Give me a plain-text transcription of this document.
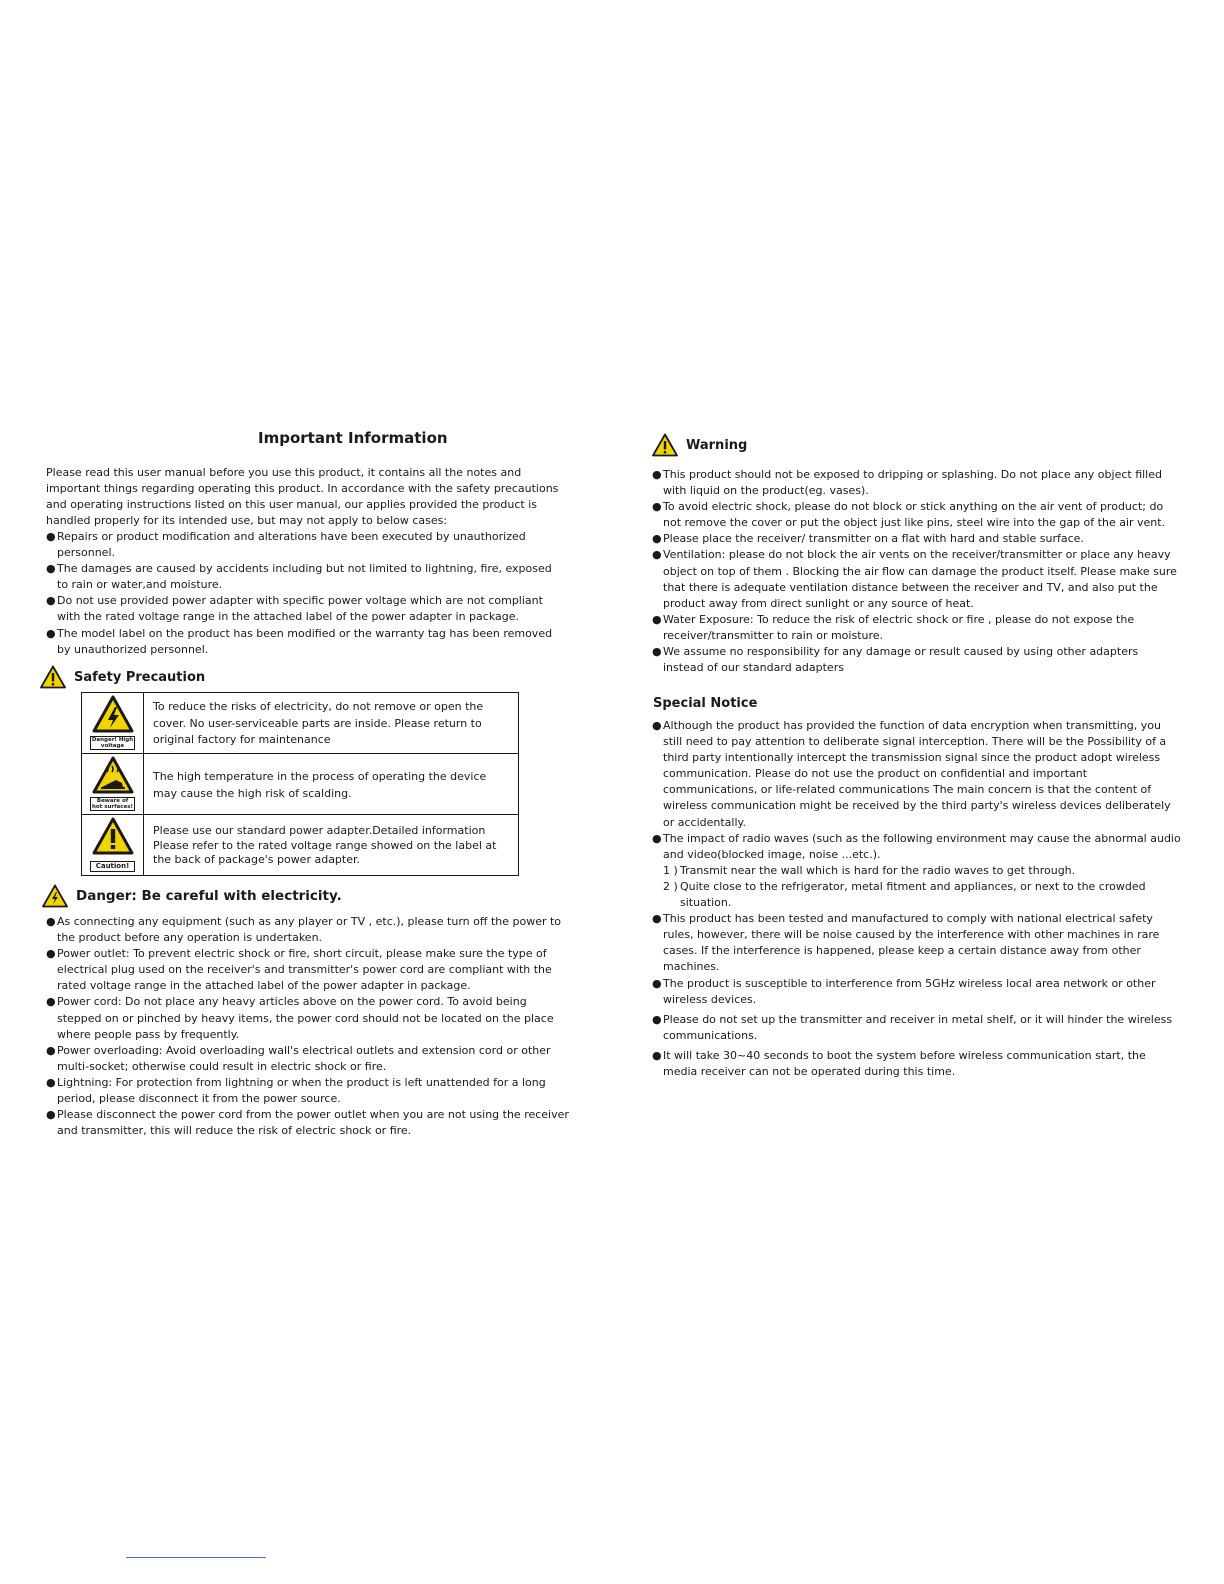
Important Information

Please read this user manual before you use this product, it contains all the notes and important things regarding operating this product. In accordance with the safety precautions and operating instructions listed on this user manual, our applies provided the product is handled properly for its intended use, but may not apply to below cases:

● Repairs or product modification and alterations have been executed by unauthorized personnel.
● The damages are caused by accidents including but not limited to lightning, fire, exposed to rain or water,and moisture.
● Do not use provided power adapter with specific power voltage which are not compliant with the rated voltage range in the attached label of the power adapter in package.
● The model label on the product has been modified or the warranty tag has been removed by unauthorized personnel.
Safety Precaution
Danger! High voltage	To reduce the risks of electricity, do not remove or open the cover. No user-serviceable parts are inside. Please return to original factory for maintenance

Beware of hot surfaces!	The high temperature in the process of operating the device may cause the high risk of scalding.

Caution!	Please use our standard power adapter.Detailed information Please refer to the rated voltage range showed on the label at the back of package's power adapter.
Danger: Be careful with electricity.
● As connecting any equipment (such as any player or TV , etc.), please turn off the power to the product before any operation is undertaken.
● Power outlet: To prevent electric shock or fire, short circuit, please make sure the type of electrical plug used on the receiver's and transmitter's power cord are compliant with the rated voltage range in the attached label of the power adapter in package.
● Power cord: Do not place any heavy articles above on the power cord. To avoid being stepped on or pinched by heavy items, the power cord should not be located on the place where people pass by frequently.
● Power overloading: Avoid overloading wall's electrical outlets and extension cord or other multi-socket; otherwise could result in electric shock or fire.
● Lightning: For protection from lightning or when the product is left unattended for a long period, please disconnect it from the power source.
● Please disconnect the power cord from the power outlet when you are not using the receiver and transmitter, this will reduce the risk of electric shock or fire.
Warning
● This product should not be exposed to dripping or splashing. Do not place any object filled with liquid on the product(eg. vases).
● To avoid electric shock, please do not block or stick anything on the air vent of product; do not remove the cover or put the object just like pins, steel wire into the gap of the air vent.
● Please place the receiver/ transmitter on a flat with hard and stable surface.
● Ventilation: please do not block the air vents on the receiver/transmitter or place any heavy object on top of them . Blocking the air flow can damage the product itself. Please make sure that there is adequate ventilation distance between the receiver and TV, and also put the product away from direct sunlight or any source of heat.
● Water Exposure: To reduce the risk of electric shock or fire , please do not expose the receiver/transmitter to rain or moisture.
● We assume no responsibility for any damage or result caused by using other adapters instead of our standard adapters
Special Notice
● Although the product has provided the function of data encryption when transmitting, you still need to pay attention to deliberate signal interception. There will be the Possibility of a third party intentionally intercept the transmission signal since the product adopt wireless communication. Please do not use the product on confidential and important communications, or life-related communications The main concern is that the content of wireless communication might be received by the third party's wireless devices deliberately or accidentally.
● The impact of radio waves (such as the following environment may cause the abnormal audio and video(blocked image, noise ...etc.).
1 ) Transmit near the wall which is hard for the radio waves to get through.
2 ) Quite close to the refrigerator, metal fitment and appliances, or next to the crowded situation.
● This product has been tested and manufactured to comply with national electrical safety rules, however, there will be noise caused by the interference with other machines in rare cases. If the interference is happened, please keep a certain distance away from other machines.
● The product is susceptible to interference from 5GHz wireless local area network or other wireless devices.
● Please do not set up the transmitter and receiver in metal shelf, or it will hinder the wireless communications.
● It will take 30~40 seconds to boot the system before wireless communication start, the media receiver can not be operated during this time.
